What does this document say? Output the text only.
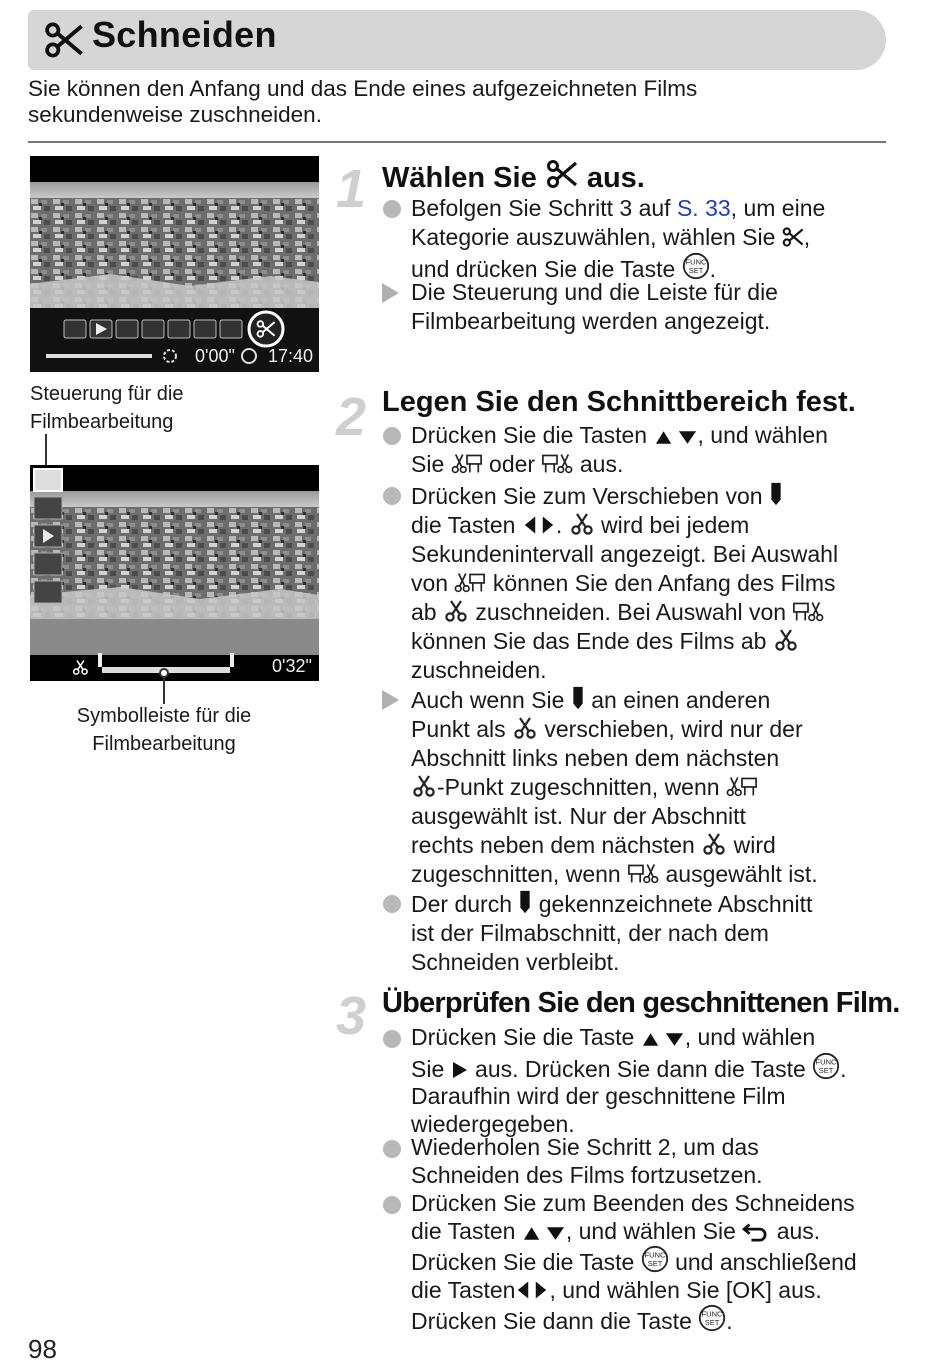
Schneiden
Sie können den Anfang und das Ende eines aufgezeichneten Films
sekundenweise zuschneiden.
0'00" 17:40
Steuerung für die
Filmbearbeitung
0'32"
Symbolleiste für die
Filmbearbeitung
1 Wählen Sie aus.
Befolgen Sie Schritt 3 auf S. 33, um eine
Kategorie auszuwählen, wählen Sie ,
und drücken Sie die Taste .
Die Steuerung und die Leiste für die
Filmbearbeitung werden angezeigt.
2 Legen Sie den Schnittbereich fest.
Drücken Sie die Tasten , und wählen
Sie oder aus.
Drücken Sie zum Verschieben von
die Tasten . wird bei jedem
Sekundenintervall angezeigt. Bei Auswahl
von können Sie den Anfang des Films
ab zuschneiden. Bei Auswahl von
können Sie das Ende des Films ab
zuschneiden.
Auch wenn Sie an einen anderen
Punkt als verschieben, wird nur der
Abschnitt links neben dem nächsten
-Punkt zugeschnitten, wenn
ausgewählt ist. Nur der Abschnitt
rechts neben dem nächsten wird
zugeschnitten, wenn ausgewählt ist.
Der durch gekennzeichnete Abschnitt
ist der Filmabschnitt, der nach dem
Schneiden verbleibt.
3 Überprüfen Sie den geschnittenen Film.
Drücken Sie die Taste , und wählen
Sie aus. Drücken Sie dann die Taste .
Daraufhin wird der geschnittene Film
wiedergegeben.
Wiederholen Sie Schritt 2, um das
Schneiden des Films fortzusetzen.
Drücken Sie zum Beenden des Schneidens
die Tasten , und wählen Sie aus.
Drücken Sie die Taste und anschließend
die Tasten , und wählen Sie [OK] aus.
Drücken Sie dann die Taste .
98
